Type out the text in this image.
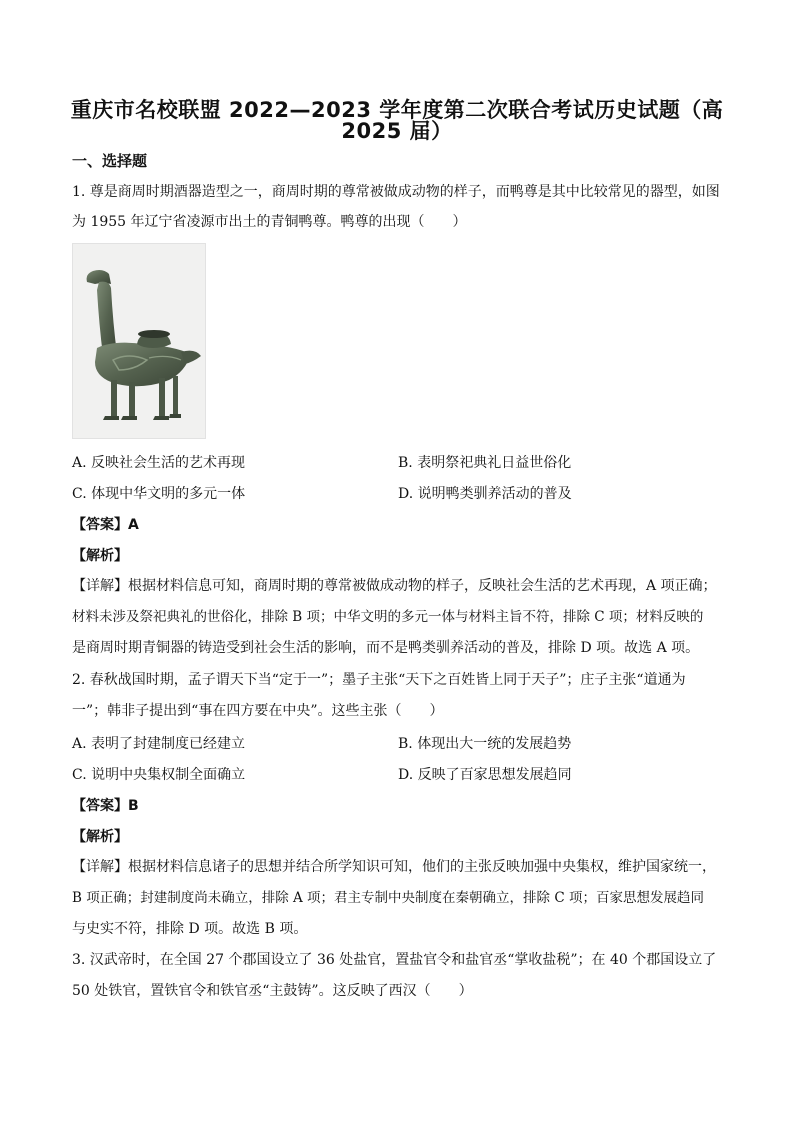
重庆市名校联盟 2022—2023 学年度第二次联合考试历史试题（高
2025 届）
一、选择题
1. 尊是商周时期酒器造型之一，商周时期的尊常被做成动物的样子，而鸭尊是其中比较常见的器型，如图
为 1955 年辽宁省凌源市出土的青铜鸭尊。鸭尊的出现（　　）
A. 反映社会生活的艺术再现	B. 表明祭祀典礼日益世俗化
C. 体现中华文明的多元一体	D. 说明鸭类驯养活动的普及
【答案】A
【解析】
【详解】根据材料信息可知，商周时期的尊常被做成动物的样子，反映社会生活的艺术再现，A 项正确；
材料未涉及祭祀典礼的世俗化，排除 B 项；中华文明的多元一体与材料主旨不符，排除 C 项；材料反映的
是商周时期青铜器的铸造受到社会生活的影响，而不是鸭类驯养活动的普及，排除 D 项。故选 A 项。
2. 春秋战国时期，孟子谓天下当“定于一”；墨子主张“天下之百姓皆上同于天子”；庄子主张“道通为
一”；韩非子提出到“事在四方要在中央”。这些主张（　　）
A. 表明了封建制度已经建立	B. 体现出大一统的发展趋势
C. 说明中央集权制全面确立	D. 反映了百家思想发展趋同
【答案】B
【解析】
【详解】根据材料信息诸子的思想并结合所学知识可知，他们的主张反映加强中央集权，维护国家统一，
B 项正确；封建制度尚未确立，排除 A 项；君主专制中央制度在秦朝确立，排除 C 项；百家思想发展趋同
与史实不符，排除 D 项。故选 B 项。
3. 汉武帝时，在全国 27 个郡国设立了 36 处盐官，置盐官令和盐官丞“掌收盐税”；在 40 个郡国设立了
50 处铁官，置铁官令和铁官丞“主鼓铸”。这反映了西汉（　　）
